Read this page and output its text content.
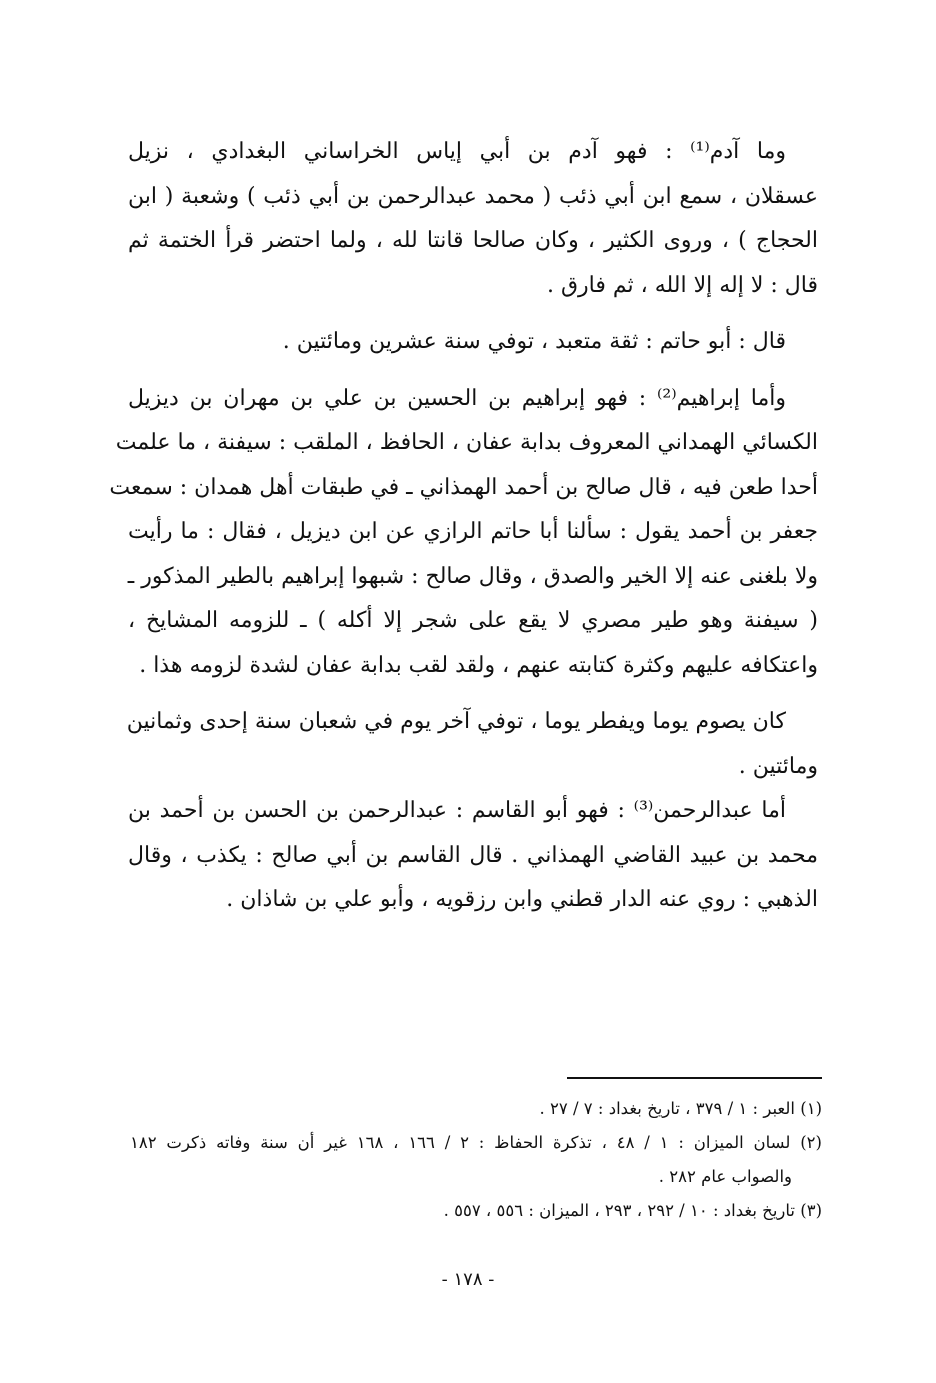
وما آدم⁽¹⁾ : فهو آدم بن أبي إياس الخراساني البغدادي ، نزيل
عسقلان ، سمع ابن أبي ذئب ( محمد عبدالرحمن بن أبي ذئب ) وشعبة ( ابن
الحجاج ) ، وروى الكثير ، وكان صالحا قانتا لله ، ولما احتضر قرأ الختمة ثم
قال : لا إله إلا الله ، ثم فارق .

قال : أبو حاتم : ثقة متعبد ، توفي سنة عشرين ومائتين .

وأما إبراهيم⁽²⁾ : فهو إبراهيم بن الحسين بن علي بن مهران بن ديزيل
الكسائي الهمداني المعروف بدابة عفان ، الحافظ ، الملقب : سيفنة ، ما علمت
أحدا طعن فيه ، قال صالح بن أحمد الهمذاني ـ في طبقات أهل همدان : سمعت
جعفر بن أحمد يقول : سألنا أبا حاتم الرازي عن ابن ديزيل ، فقال : ما رأيت
ولا بلغنى عنه إلا الخير والصدق ، وقال صالح : شبهوا إبراهيم بالطير المذكور ـ
( سيفنة وهو طير مصري لا يقع على شجر إلا أكله ) ـ للزومه المشايخ ،
واعتكافه عليهم وكثرة كتابته عنهم ، ولقد لقب بدابة عفان لشدة لزومه هذا .

كان يصوم يوما ويفطر يوما ، توفي آخر يوم في شعبان سنة إحدى وثمانين
ومائتين .

أما عبدالرحمن⁽³⁾ : فهو أبو القاسم : عبدالرحمن بن الحسن بن أحمد بن
محمد بن عبيد القاضي الهمذاني . قال القاسم بن أبي صالح : يكذب ، وقال
الذهبي : روي عنه الدار قطني وابن رزقويه ، وأبو علي بن شاذان .

(١) العبر : ١ / ٣٧٩ ، تاريخ بغداد : ٧ / ٢٧ .
(٢) لسان الميزان : ١ / ٤٨ ، تذكرة الحفاظ : ٢ / ١٦٦ ، ١٦٨ غير أن سنة وفاته ذكرت ١٨٢
والصواب عام ٢٨٢ .
(٣) تاريخ بغداد : ١٠ / ٢٩٢ ، ٢٩٣ ، الميزان : ٥٥٦ ، ٥٥٧ .
- ١٧٨ -
